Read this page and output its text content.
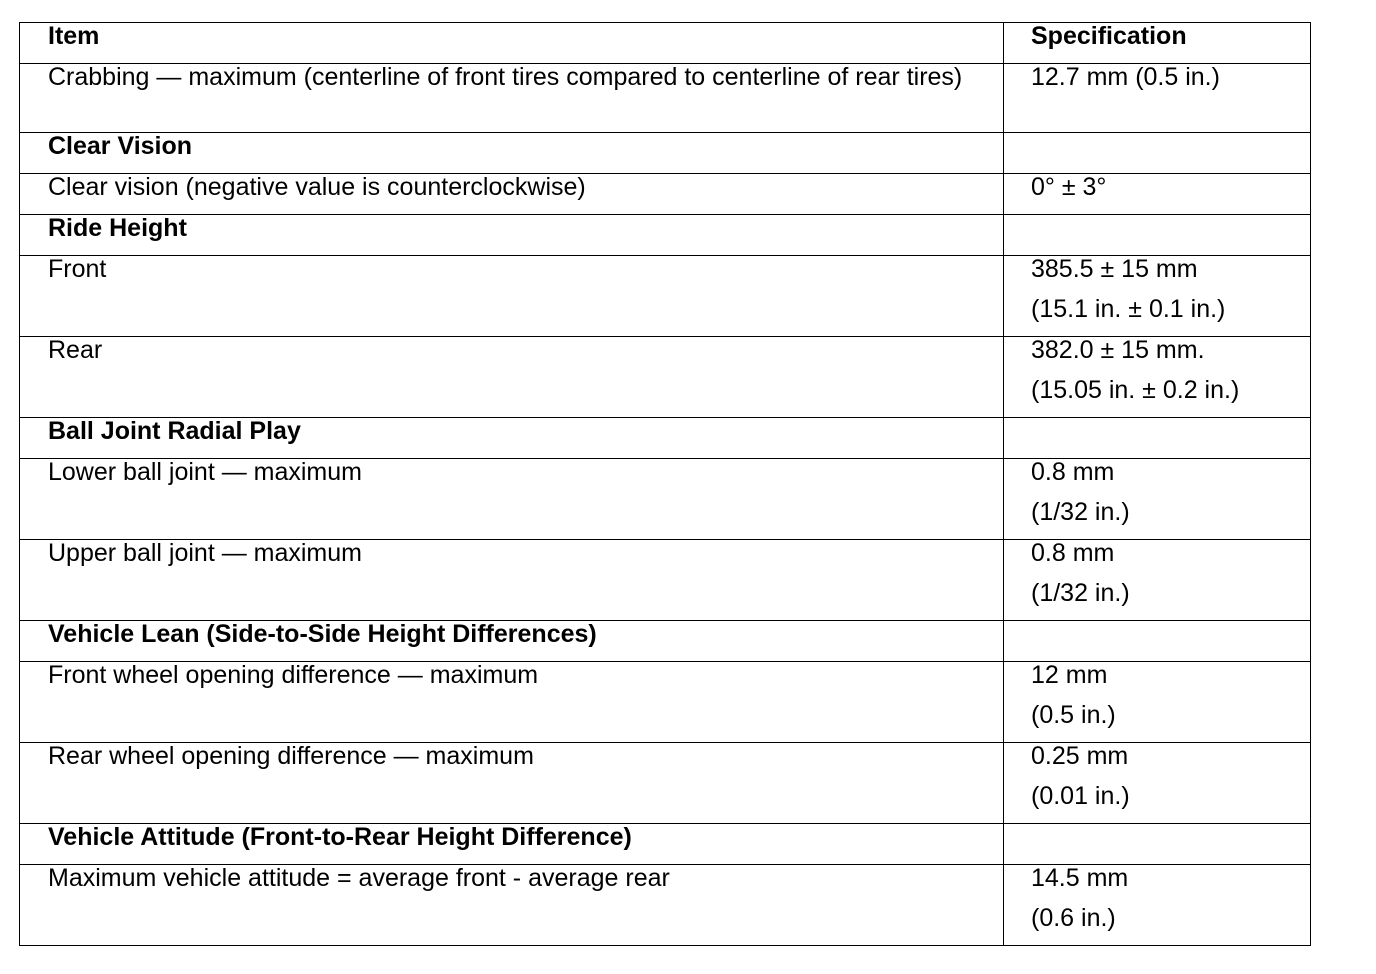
Item	Specification

Crabbing — maximum (centerline of front tires compared to centerline of rear tires)	12.7 mm (0.5 in.)

Clear Vision	

Clear vision (negative value is counterclockwise)	0° ± 3°

Ride Height	

Front	385.5 ± 15 mm
(15.1 in. ± 0.1 in.)

Rear	382.0 ± 15 mm.
(15.05 in. ± 0.2 in.)

Ball Joint Radial Play	

Lower ball joint — maximum	0.8 mm
(1/32 in.)

Upper ball joint — maximum	0.8 mm
(1/32 in.)

Vehicle Lean (Side-to-Side Height Differences)	

Front wheel opening difference — maximum	12 mm
(0.5 in.)

Rear wheel opening difference — maximum	0.25 mm
(0.01 in.)

Vehicle Attitude (Front-to-Rear Height Difference)	

Maximum vehicle attitude = average front - average rear	14.5 mm
(0.6 in.)
